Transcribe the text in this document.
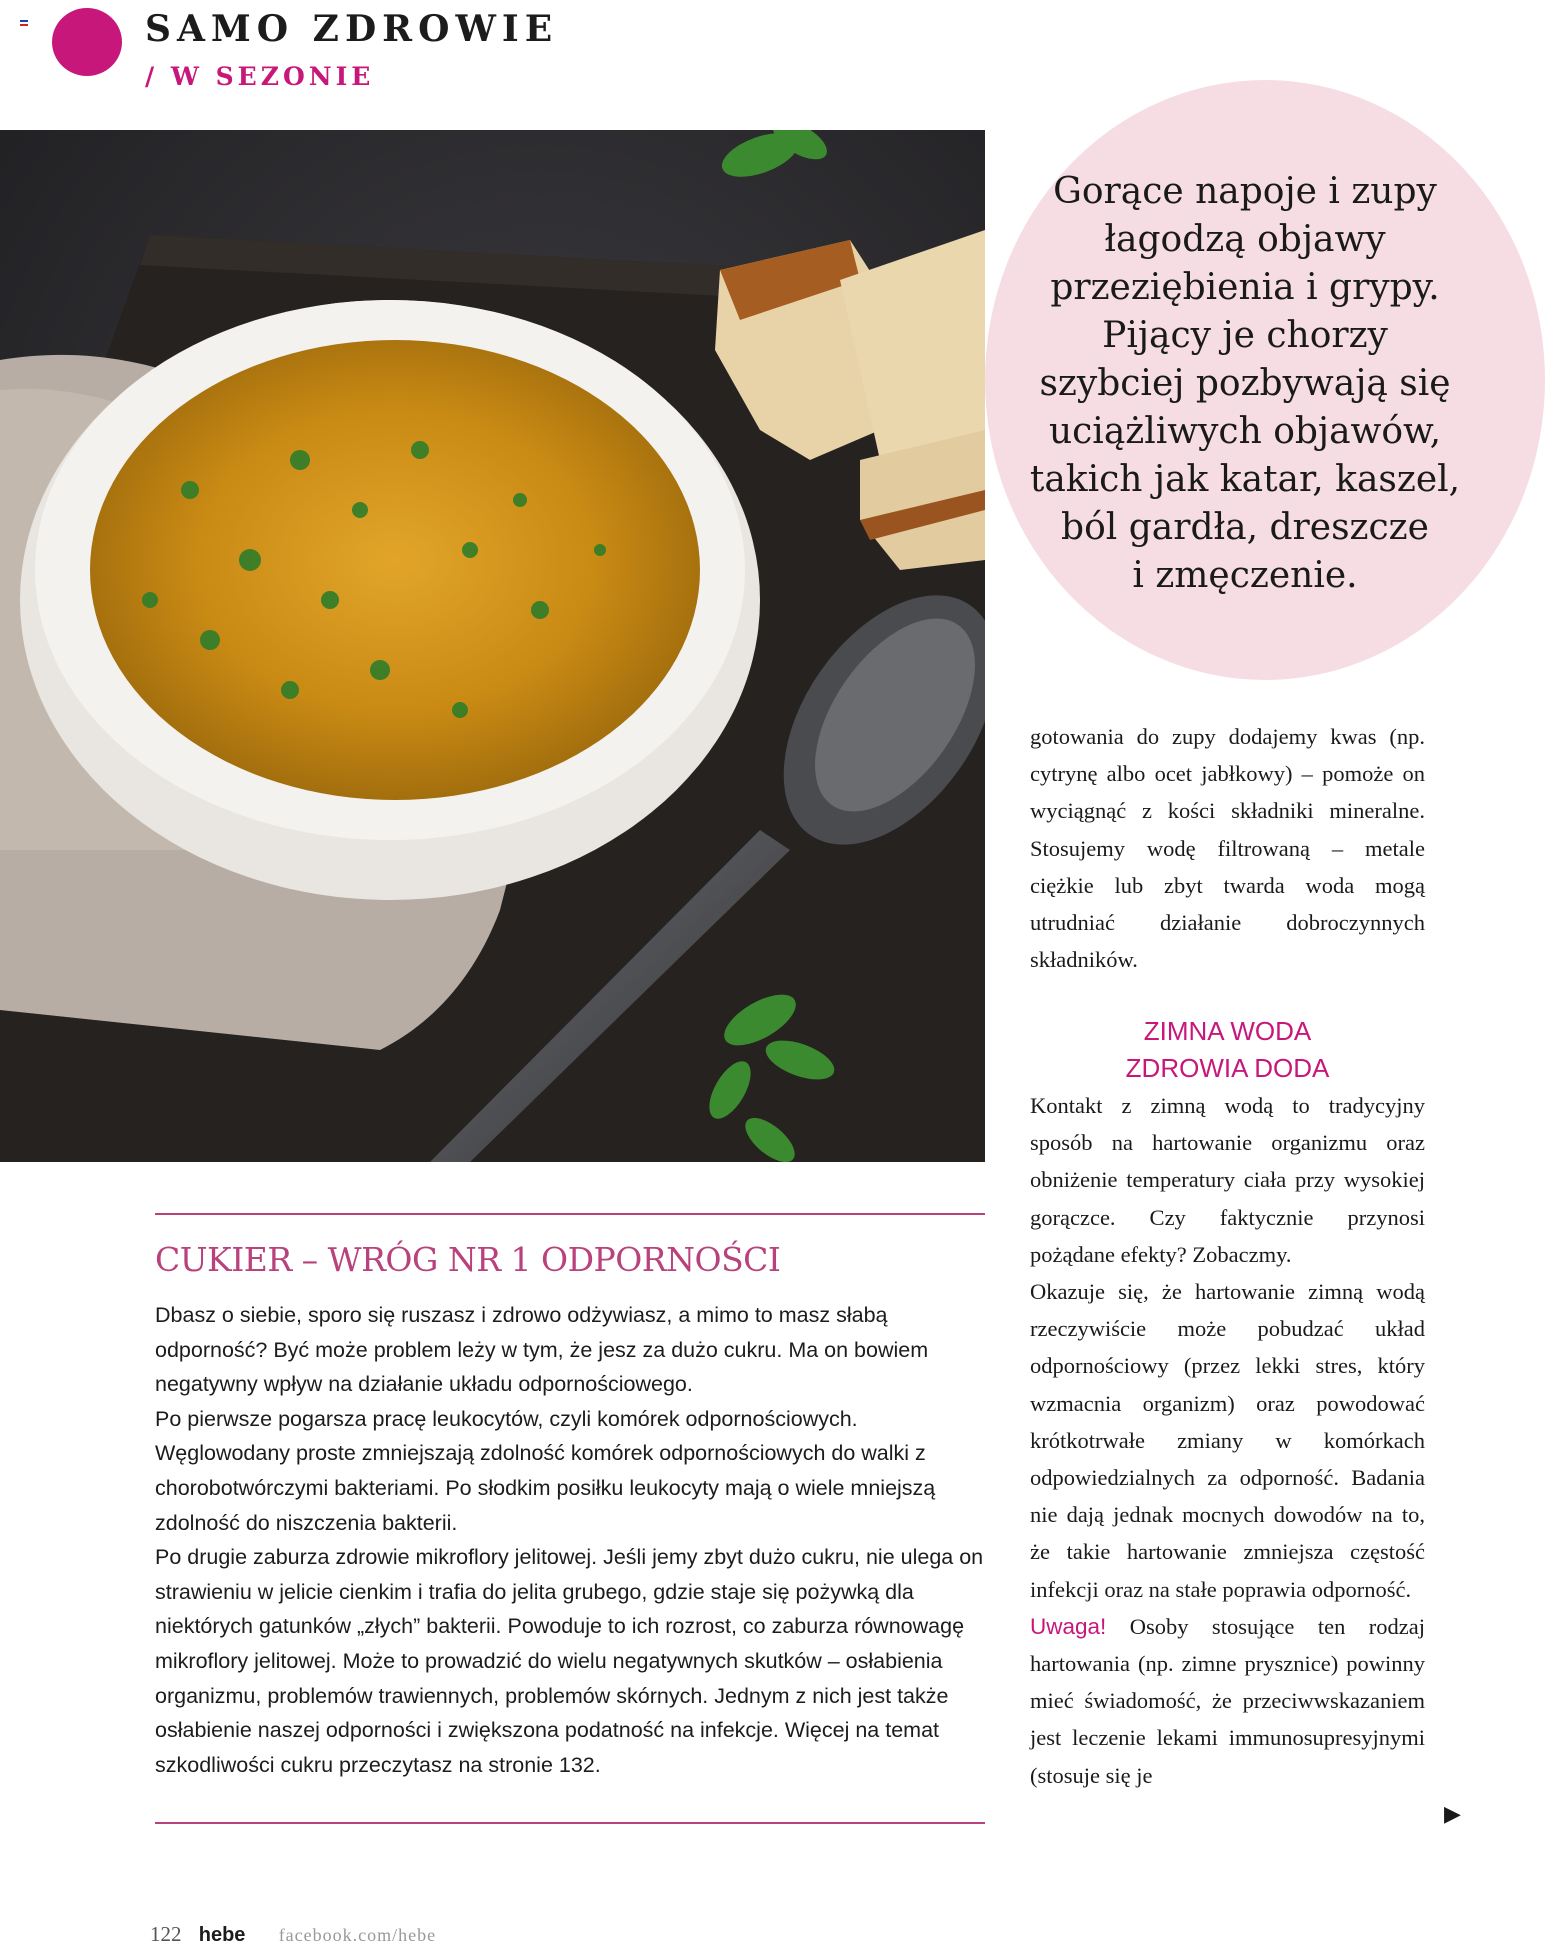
SAMO ZDROWIE
/ W SEZONIE
Gorące napoje i zupy
łagodzą objawy
przeziębienia i grypy.
Pijący je chorzy
szybciej pozbywają się
uciążliwych objawów,
takich jak katar, kaszel,
ból gardła, dreszcze
i zmęczenie.

gotowania do zupy dodajemy kwas (np. cytrynę albo ocet jabłkowy) – pomoże on wyciągnąć z kości składniki mineralne. Stosujemy wodę filtrowaną – metale ciężkie lub zbyt twarda woda mogą utrudniać działanie dobroczynnych składników.

ZIMNA WODA
ZDROWIA DODA

Kontakt z zimną wodą to tradycyjny sposób na hartowanie organizmu oraz obniżenie temperatury ciała przy wysokiej gorączce. Czy faktycznie przynosi pożądane efekty? Zobaczmy.

Okazuje się, że hartowanie zimną wodą rzeczywiście może pobudzać układ odpornościowy (przez lekki stres, który wzmacnia organizm) oraz powodować krótkotrwałe zmiany w komórkach odpowiedzialnych za odporność. Badania nie dają jednak mocnych dowodów na to, że takie hartowanie zmniejsza częstość infekcji oraz na stałe poprawia odporność.

Uwaga! Osoby stosujące ten rodzaj hartowania (np. zimne prysznice) powinny mieć świadomość, że przeciwwskazaniem jest leczenie lekami immunosupresyjnymi (stosuje się je

▶
CUKIER – WRÓG NR 1 ODPORNOŚCI

Dbasz o siebie, sporo się ruszasz i zdrowo odżywiasz, a mimo to masz słabą odporność? Być może problem leży w tym, że jesz za dużo cukru. Ma on bowiem negatywny wpływ na działanie układu odpornościowego.

Po pierwsze pogarsza pracę leukocytów, czyli komórek odpornościowych. Węglowodany proste zmniejszają zdolność komórek odpornościowych do walki z chorobotwórczymi bakteriami. Po słodkim posiłku leukocyty mają o wiele mniejszą zdolność do niszczenia bakterii.

Po drugie zaburza zdrowie mikroflory jelitowej. Jeśli jemy zbyt dużo cukru, nie ulega on strawieniu w jelicie cienkim i trafia do jelita grubego, gdzie staje się pożywką dla niektórych gatunków „złych” bakterii. Powoduje to ich rozrost, co zaburza równowagę mikroflory jelitowej. Może to prowadzić do wielu negatywnych skutków – osłabienia organizmu, problemów trawiennych, problemów skórnych. Jednym z nich jest także osłabienie naszej odporności i zwiększona podatność na infekcje. Więcej na temat szkodliwości cukru przeczytasz na stronie 132.

122 hebe facebook.com/hebe
